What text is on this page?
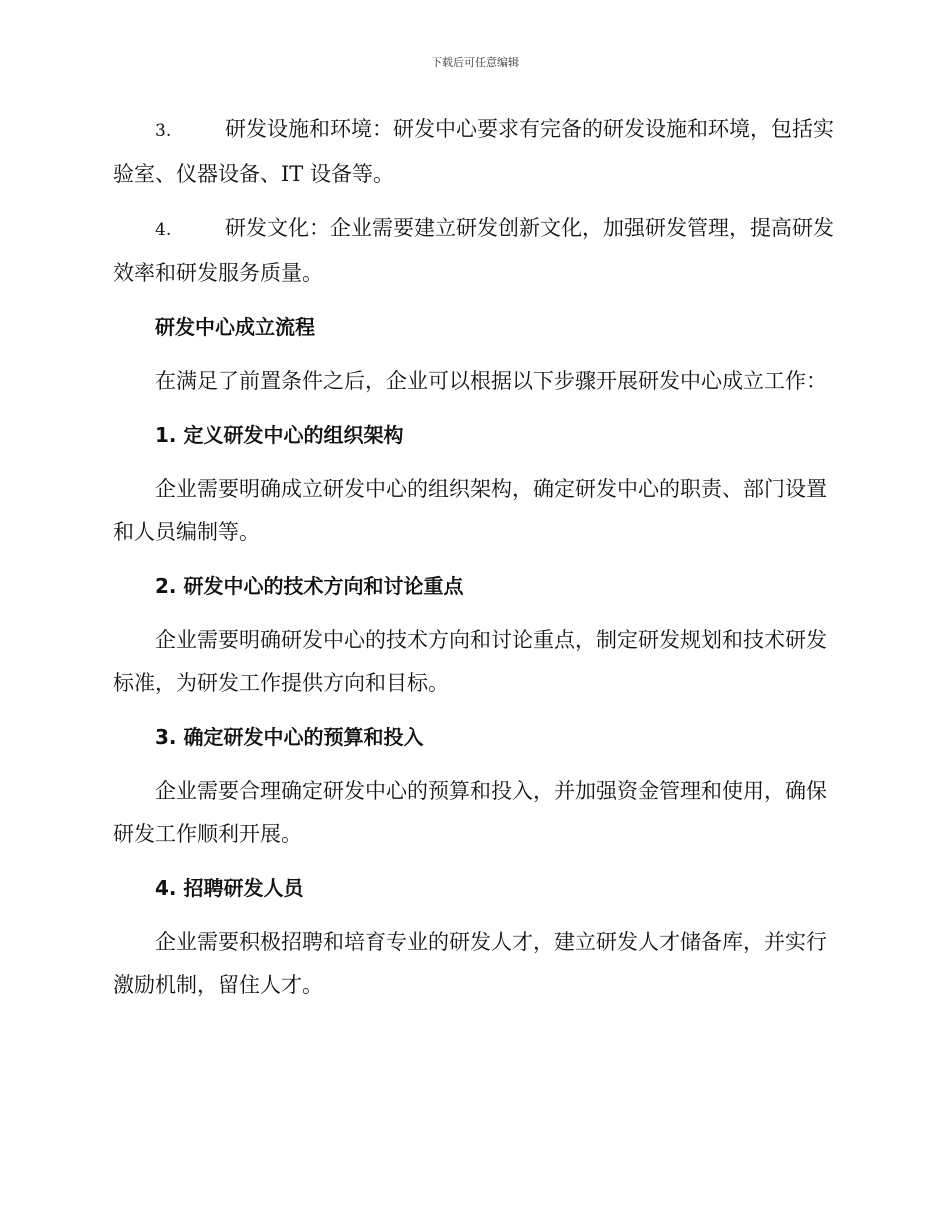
下载后可任意编辑

3.	研发设施和环境：研发中心要求有完备的研发设施和环境，包括实验室、仪器设备、IT 设备等。

4.	研发文化：企业需要建立研发创新文化，加强研发管理，提高研发效率和研发服务质量。

研发中心成立流程

在满足了前置条件之后，企业可以根据以下步骤开展研发中心成立工作：

1. 定义研发中心的组织架构

企业需要明确成立研发中心的组织架构，确定研发中心的职责、部门设置和人员编制等。

2. 研发中心的技术方向和讨论重点

企业需要明确研发中心的技术方向和讨论重点，制定研发规划和技术研发标准，为研发工作提供方向和目标。

3. 确定研发中心的预算和投入

企业需要合理确定研发中心的预算和投入，并加强资金管理和使用，确保研发工作顺利开展。

4. 招聘研发人员

企业需要积极招聘和培育专业的研发人才，建立研发人才储备库，并实行激励机制，留住人才。
